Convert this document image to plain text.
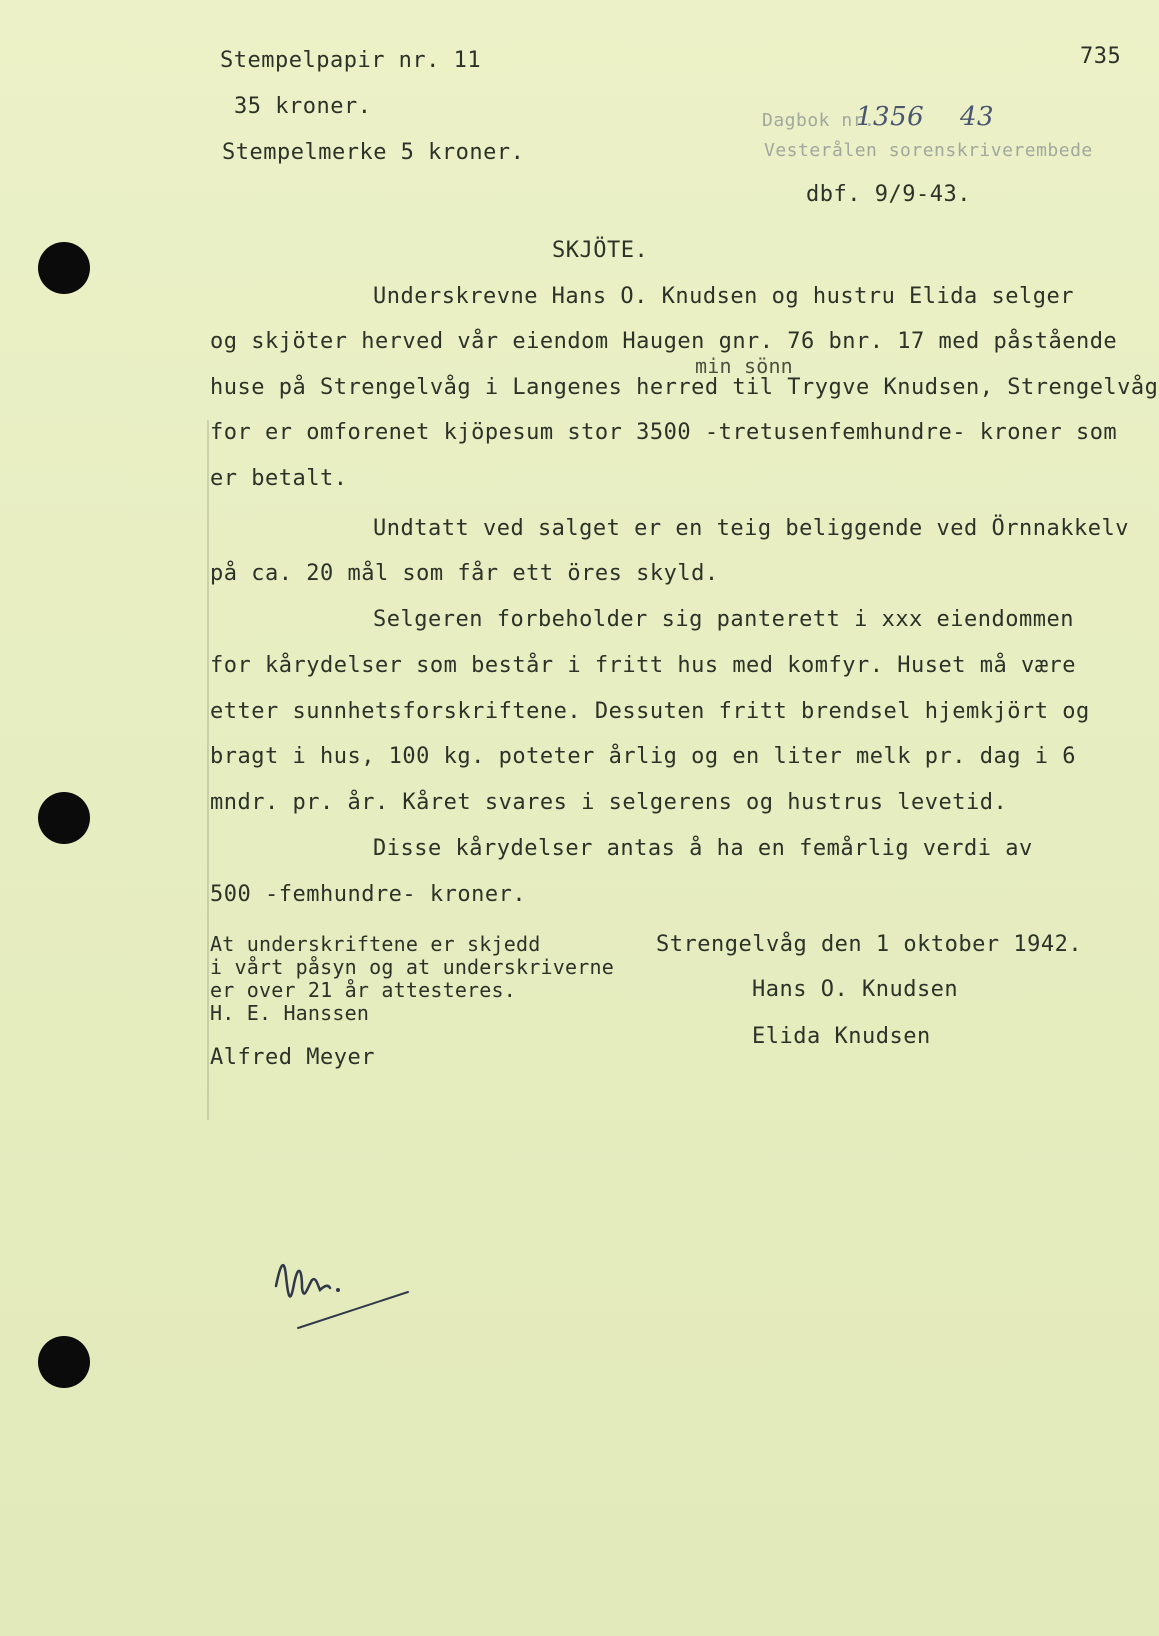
Stempelpapir nr. 11
35 kroner.
Stempelmerke 5 kroner.
735
Dagbok nr.
1356 43
Vesterålen sorenskriverembede
dbf. 9/9-43.
SKJÖTE.
Underskrevne Hans O. Knudsen og hustru Elida selger
og skjöter herved vår eiendom Haugen gnr. 76 bnr. 17 med påstående
min sönn
huse på Strengelvåg i Langenes herred til Trygve Knudsen, Strengelvåg
for er omforenet kjöpesum stor 3500 -tretusenfemhundre- kroner som
er betalt.
Undtatt ved salget er en teig beliggende ved Örnnakkelv
på ca. 20 mål som får ett öres skyld.
Selgeren forbeholder sig panterett i xxx eiendommen
for kårydelser som består i fritt hus med komfyr. Huset må være
etter sunnhetsforskriftene. Dessuten fritt brendsel hjemkjört og
bragt i hus, 100 kg. poteter årlig og en liter melk pr. dag i 6
mndr. pr. år. Kåret svares i selgerens og hustrus levetid.
Disse kårydelser antas å ha en femårlig verdi av
500 -femhundre- kroner.
At underskriftene er skjedd
i vårt påsyn og at underskriverne
er over 21 år attesteres.
H. E. Hanssen
Alfred Meyer
Strengelvåg den 1 oktober 1942.
Hans O. Knudsen
Elida Knudsen
